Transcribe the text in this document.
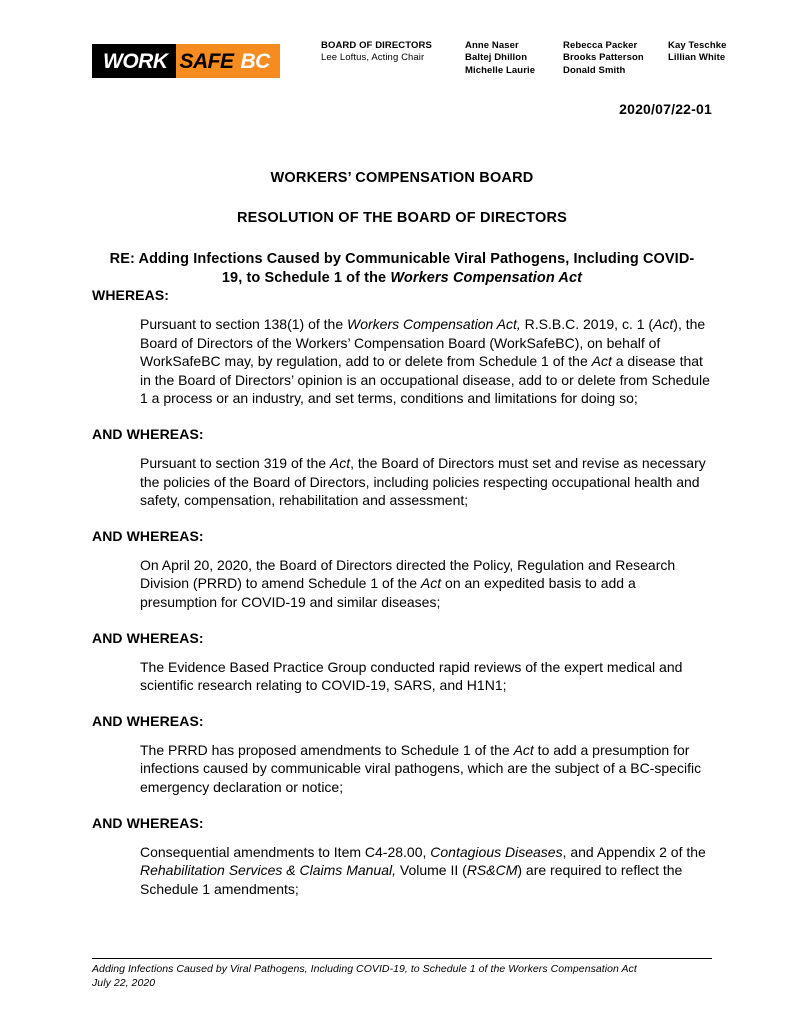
WORK SAFE BC
BOARD OF DIRECTORS
Lee Loftus, Acting Chair
Anne Naser
Baltej Dhillon
Michelle Laurie
Rebecca Packer
Brooks Patterson
Donald Smith
Kay Teschke
Lillian White
2020/07/22-01
WORKERS’ COMPENSATION BOARD
RESOLUTION OF THE BOARD OF DIRECTORS
RE: Adding Infections Caused by Communicable Viral Pathogens, Including COVID-19, to Schedule 1 of the Workers Compensation Act

WHEREAS:

Pursuant to section 138(1) of the Workers Compensation Act, R.S.B.C. 2019, c. 1 (Act), the Board of Directors of the Workers’ Compensation Board (WorkSafeBC), on behalf of WorkSafeBC may, by regulation, add to or delete from Schedule 1 of the Act a disease that in the Board of Directors’ opinion is an occupational disease, add to or delete from Schedule 1 a process or an industry, and set terms, conditions and limitations for doing so;

AND WHEREAS:

Pursuant to section 319 of the Act, the Board of Directors must set and revise as necessary the policies of the Board of Directors, including policies respecting occupational health and safety, compensation, rehabilitation and assessment;

AND WHEREAS:

On April 20, 2020, the Board of Directors directed the Policy, Regulation and Research Division (PRRD) to amend Schedule 1 of the Act on an expedited basis to add a presumption for COVID-19 and similar diseases;

AND WHEREAS:

The Evidence Based Practice Group conducted rapid reviews of the expert medical and scientific research relating to COVID-19, SARS, and H1N1;

AND WHEREAS:

The PRRD has proposed amendments to Schedule 1 of the Act to add a presumption for infections caused by communicable viral pathogens, which are the subject of a BC-specific emergency declaration or notice;

AND WHEREAS:

Consequential amendments to Item C4-28.00, Contagious Diseases, and Appendix 2 of the Rehabilitation Services & Claims Manual, Volume II (RS&CM) are required to reflect the Schedule 1 amendments;

Adding Infections Caused by Viral Pathogens, Including COVID-19, to Schedule 1 of the Workers Compensation Act
July 22, 2020
